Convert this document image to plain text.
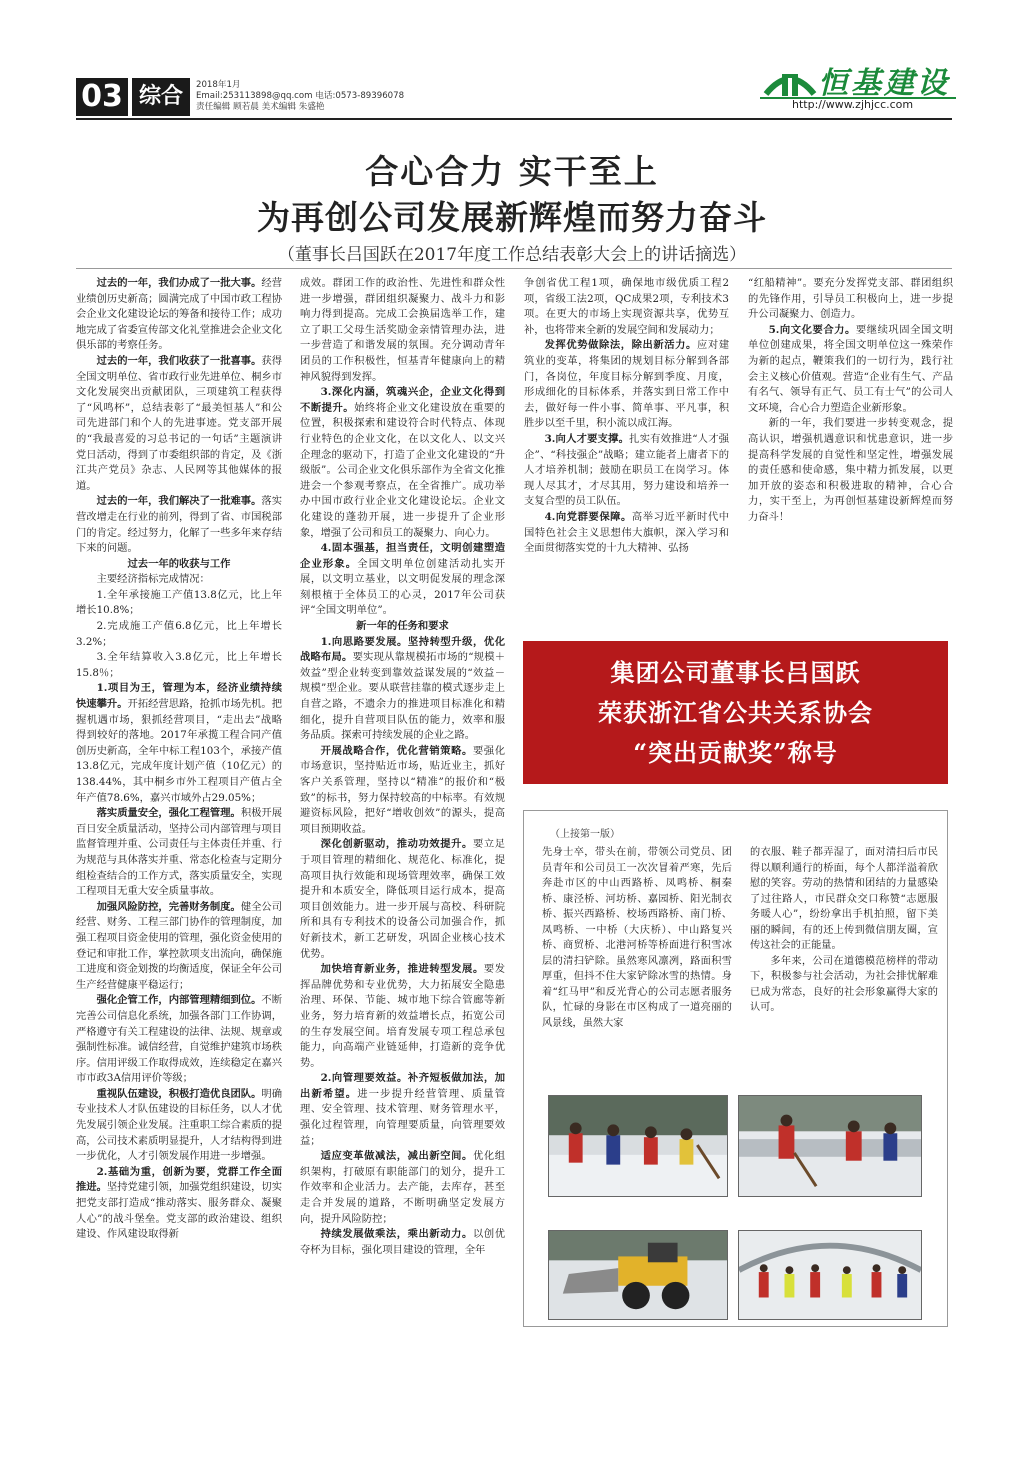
03 综合	2018年1月
Email:253113898@qq.com 电话:0573-89396078
责任编辑 顾若晨 美术编辑 朱盛艳
恒基建设
http://www.zjhjcc.com
合心合力 实干至上
为再创公司发展新辉煌而努力奋斗
（董事长吕国跃在2017年度工作总结表彰大会上的讲话摘选）

过去的一年，我们办成了一批大事。经营业绩创历史新高；圆满完成了中国市政工程协会企业文化建设论坛的筹备和接待工作；成功地完成了省委宣传部文化礼堂推进会企业文化俱乐部的考察任务。

过去的一年，我们收获了一批喜事。获得全国文明单位、省市政行业先进单位、桐乡市文化发展突出贡献团队，三项建筑工程获得了“风鸣杯”，总结表彰了“最美恒基人”和公司先进部门和个人的先进事迹。党支部开展的“我最喜爱的习总书记的一句话”主题演讲党日活动，得到了市委组织部的肯定，及《浙江共产党员》杂志、人民网等其他媒体的报道。

过去的一年，我们解决了一批难事。落实营改增走在行业的前列，得到了省、市国税部门的肯定。经过努力，化解了一些多年来存结下来的问题。

过去一年的收获与工作

主要经济指标完成情况：

1.全年承接施工产值13.8亿元，比上年增长10.8%；

2.完成施工产值6.8亿元，比上年增长3.2%；

3.全年结算收入3.8亿元，比上年增长15.8％；

1.项目为王，管理为本，经济业绩持续快速攀升。开拓经营思路，抢抓市场先机。把握机遇市场，狠抓经营项目，“走出去”战略得到较好的落地。2017年承揽工程合同产值创历史新高，全年中标工程103个，承接产值13.8亿元，完成年度计划产值（10亿元）的138.44%，其中桐乡市外工程项目产值占全年产值78.6%，嘉兴市域外占29.05%；

落实质量安全，强化工程管理。积极开展百日安全质量活动，坚持公司内部管理与项目监督管理并重、公司责任与主体责任并重、行为规范与具体落实并重、常态化检查与定期分组检查结合的工作方式，落实质量安全，实现工程项目无重大安全质量事故。

加强风险防控，完善财务制度。健全公司经营、财务、工程三部门协作的管理制度，加强工程项目资金使用的管理，强化资金使用的登记和审批工作，掌控款项支出流向，确保施工进度和资金划拨的均衡适度，保证全年公司生产经营健康平稳运行；

强化企管工作，内部管理精细到位。不断完善公司信息化系统，加强各部门工作协调，严格遵守有关工程建设的法律、法规、规章或强制性标准。诚信经营，自觉维护建筑市场秩序。信用评级工作取得成效，连续稳定在嘉兴市市政3A信用评价等级；

重视队伍建设，积极打造优良团队。明确专业技术人才队伍建设的目标任务，以人才优先发展引领企业发展。注重职工综合素质的提高，公司技术素质明显提升，人才结构得到进一步优化，人才引领发展作用进一步增强。

2.基础为重，创新为要，党群工作全面推进。坚持党建引领，加强党组织建设，切实把党支部打造成“推动落实、服务群众、凝聚人心”的战斗堡垒。党支部的政治建设、组织建设、作风建设取得新

成效。群团工作的政治性、先进性和群众性进一步增强，群团组织凝聚力、战斗力和影响力得到提高。完成工会换届选举工作，建立了职工父母生活奖励金亲情管理办法，进一步营造了和谐发展的氛围。充分调动青年团员的工作积极性，恒基青年健康向上的精神风貌得到发挥。

3.深化内涵，筑魂兴企，企业文化得到不断提升。始终将企业文化建设放在重要的位置，积极探索和建设符合时代特点、体现行业特色的企业文化，在以文化人、以文兴企理念的驱动下，打造了企业文化建设的“升级版”。公司企业文化俱乐部作为全省文化推进会一个参观考察点，在全省推广。成功举办中国市政行业企业文化建设论坛。企业文化建设的蓬勃开展，进一步提升了企业形象，增强了公司和员工的凝聚力、向心力。

4.固本强基，担当责任，文明创建塑造企业形象。全国文明单位创建活动扎实开展，以文明立基业，以文明促发展的理念深刻根植于全体员工的心灵，2017年公司获评“全国文明单位”。

新一年的任务和要求

1.向思路要发展。坚持转型升级，优化战略布局。要实现从靠规模拓市场的“规模＋效益”型企业转变到靠效益谋发展的“效益－规模”型企业。要从联营挂靠的模式逐步走上自营之路，不遗余力的推进项目标准化和精细化，提升自营项目队伍的能力，效率和服务品质。探索可持续发展的企业之路。

开展战略合作，优化营销策略。要强化市场意识，坚持贴近市场，贴近业主，抓好客户关系管理，坚持以“精准”的报价和“极致”的标书，努力保持较高的中标率。有效规避资标风险，把好“增收创效”的源头，提高项目预期收益。

深化创新驱动，推动功效提升。要立足于项目管理的精细化、规范化、标准化，提高项目执行效能和现场管理效率，确保工效提升和本质安全，降低项目运行成本，提高项目创效能力。进一步开展与高校、科研院所和具有专利技术的设备公司加强合作，抓好新技术，新工艺研发，巩固企业核心技术优势。

加快培育新业务，推进转型发展。要发挥品牌优势和专业优势，大力拓展安全隐患治理、环保、节能、城市地下综合管廊等新业务，努力培育新的效益增长点，拓宽公司的生存发展空间。培育发展专项工程总承包能力，向高端产业链延伸，打造新的竞争优势。

2.向管理要效益。补齐短板做加法，加出新希望。进一步提升经营管理、质量管理、安全管理、技术管理、财务管理水平，强化过程管理，向管理要质量，向管理要效益；

适应变革做减法，减出新空间。优化组织架构，打破原有职能部门的划分，提升工作效率和企业活力。去产能，去库存，甚至走合并发展的道路，不断明确坚定发展方向，提升风险防控；

持续发展做乘法，乘出新动力。以创优夺杯为目标，强化项目建设的管理，全年

争创省优工程1项，确保地市级优质工程2项，省级工法2项，QC成果2项，专利技术3项。在更大的市场上实现资源共享，优势互补，也将带来全新的发展空间和发展动力；

发挥优势做除法，除出新活力。应对建筑业的变革，将集团的规划目标分解到各部门，各岗位，年度目标分解到季度、月度，形成细化的目标体系，并落实到日常工作中去，做好每一件小事、简单事、平凡事，积胜步以至千里，积小流以成江海。

3.向人才要支撑。扎实有效推进“人才强企”、“科技强企”战略；建立能者上庸者下的人才培养机制；鼓励在职员工在岗学习。体现人尽其才，才尽其用，努力建设和培养一支复合型的员工队伍。

4.向党群要保障。高举习近平新时代中国特色社会主义思想伟大旗帜，深入学习和全面贯彻落实党的十九大精神、弘扬

“红船精神”。要充分发挥党支部、群团组织的先锋作用，引导员工积极向上，进一步提升公司凝聚力、创造力。

5.向文化要合力。要继续巩固全国文明单位创建成果，将全国文明单位这一殊荣作为新的起点，鞭策我们的一切行为，践行社会主义核心价值观。营造“企业有生气、产品有名气、领导有正气、员工有士气”的公司人文环境，合心合力塑造企业新形象。

新的一年，我们要进一步转变观念，提高认识，增强机遇意识和忧患意识，进一步提高科学发展的自觉性和坚定性，增强发展的责任感和使命感，集中精力抓发展，以更加开放的姿态和积极进取的精神，合心合力，实干至上，为再创恒基建设新辉煌而努力奋斗！

集团公司董事长吕国跃
荣获浙江省公共关系协会
“突出贡献奖”称号
（上接第一版）

先身士卒，带头在前，带领公司党员、团员青年和公司员工一次次冒着严寒，先后奔赴市区的中山西路桥、凤鸣桥、桐秦桥、康泾桥、河坊桥、嘉园桥、阳光制衣桥、振兴西路桥、校场西路桥、南门桥、凤鸣桥、一中桥（大庆桥）、中山路复兴桥、商贸桥、北港河桥等桥面进行积雪冰层的清扫铲除。虽然寒风凛冽，路面积雪厚重，但抖不住大家铲除冰雪的热情。身着“红马甲”和反光背心的公司志愿者服务队，忙碌的身影在市区构成了一道亮丽的风景线，虽然大家

的衣服、鞋子都弄湿了，面对清扫后市民得以顺利通行的桥面，每个人都洋溢着欣慰的笑容。劳动的热情和团结的力量感染了过往路人，市民群众交口称赞“志愿服务暖人心”，纷纷拿出手机拍照，留下美丽的瞬间，有的还上传到微信朋友圈，宣传这社会的正能量。

多年来，公司在道德模范榜样的带动下，积极参与社会活动，为社会排忧解难已成为常态，良好的社会形象赢得大家的认可。
